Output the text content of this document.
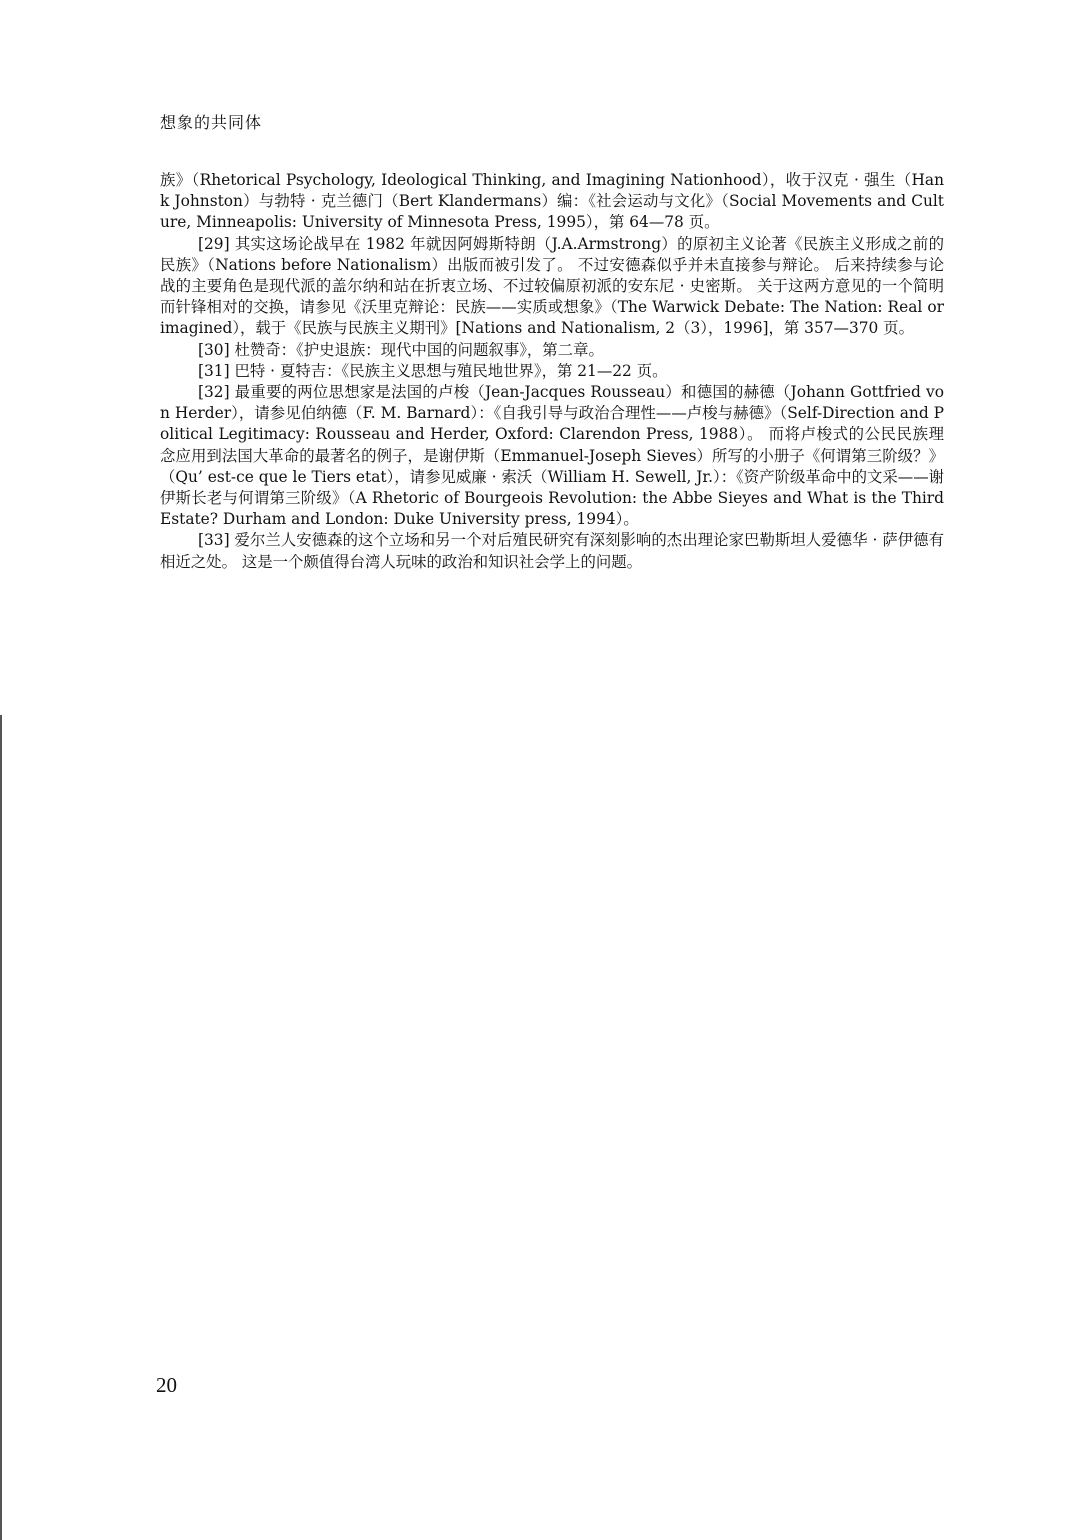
想象的共同体

族》（Rhetorical Psychology, Ideological Thinking, and Imagining Nationhood），收于汉克 · 强生（Hank Johnston）与勃特 · 克兰德门（Bert Klandermans）编：《社会运动与文化》（Social Movements and Culture, Minneapolis: University of Minnesota Press, 1995），第 64—78 页。

[29] 其实这场论战早在 1982 年就因阿姆斯特朗（J.A.Armstrong）的原初主义论著《民族主义形成之前的民族》（Nations before Nationalism）出版而被引发了。 不过安德森似乎并未直接参与辩论。 后来持续参与论战的主要角色是现代派的盖尔纳和站在折衷立场、不过较偏原初派的安东尼 · 史密斯。 关于这两方意见的一个简明而针锋相对的交换，请参见《沃里克辩论：民族——实质或想象》（The Warwick Debate: The Nation: Real or imagined），载于《民族与民族主义期刊》[Nations and Nationalism, 2（3），1996]，第 357—370 页。

[30] 杜赞奇：《护史退族：现代中国的问题叙事》，第二章。

[31] 巴特 · 夏特吉：《民族主义思想与殖民地世界》，第 21—22 页。

[32] 最重要的两位思想家是法国的卢梭（Jean-Jacques Rousseau）和德国的赫德（Johann Gottfried von Herder），请参见伯纳德（F. M. Barnard）：《自我引导与政治合理性——卢梭与赫德》（Self-Direction and Political Legitimacy: Rousseau and Herder, Oxford: Clarendon Press, 1988）。 而将卢梭式的公民民族理念应用到法国大革命的最著名的例子，是谢伊斯（Emmanuel-Joseph Sieves）所写的小册子《何谓第三阶级？》（Qu’ est-ce que le Tiers etat），请参见威廉 · 索沃（William H. Sewell, Jr.）：《资产阶级革命中的文采——谢伊斯长老与何谓第三阶级》（A Rhetoric of Bourgeois Revolution: the Abbe Sieyes and What is the Third Estate? Durham and London: Duke University press, 1994）。

[33] 爱尔兰人安德森的这个立场和另一个对后殖民研究有深刻影响的杰出理论家巴勒斯坦人爱德华 · 萨伊德有相近之处。 这是一个颇值得台湾人玩味的政治和知识社会学上的问题。

20
